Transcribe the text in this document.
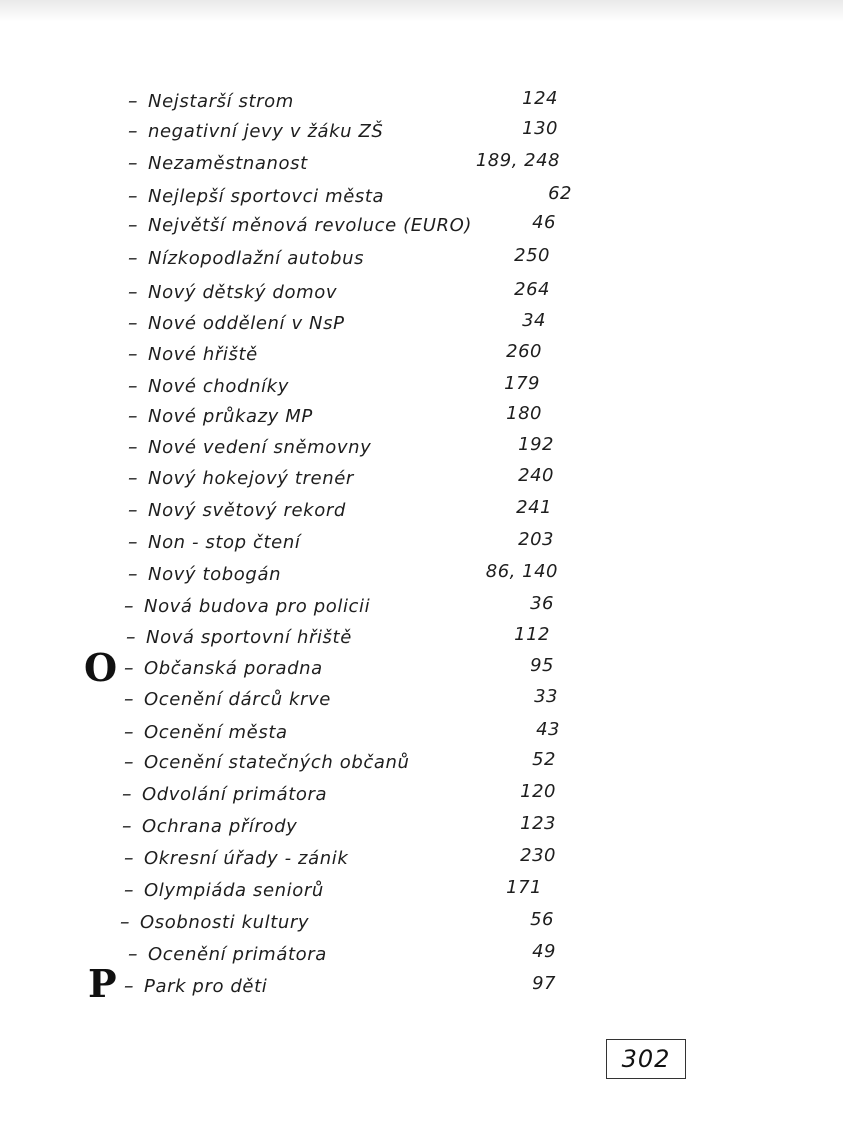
– Nejstarší strom	124
– negativní jevy v žáku ZŠ	130
– Nezaměstnanost	189, 248
– Nejlepší sportovci města	62
– Největší měnová revoluce (EURO)	46
– Nízkopodlažní autobus	250
– Nový dětský domov	264
– Nové oddělení v NsP	34
– Nové hřiště	260
– Nové chodníky	179
– Nové průkazy MP	180
– Nové vedení sněmovny	192
– Nový hokejový trenér	240
– Nový světový rekord	241
– Non - stop čtení	203
– Nový tobogán	86, 140
– Nová budova pro policii	36
– Nová sportovní hřiště	112
– Občanská poradna	95
– Ocenění dárců krve	33
– Ocenění města	43
– Ocenění statečných občanů	52
– Odvolání primátora	120
– Ochrana přírody	123
– Okresní úřady - zánik	230
– Olympiáda seniorů	171
– Osobnosti kultury	56
– Ocenění primátora	49
– Park pro děti	97
O
P
302
